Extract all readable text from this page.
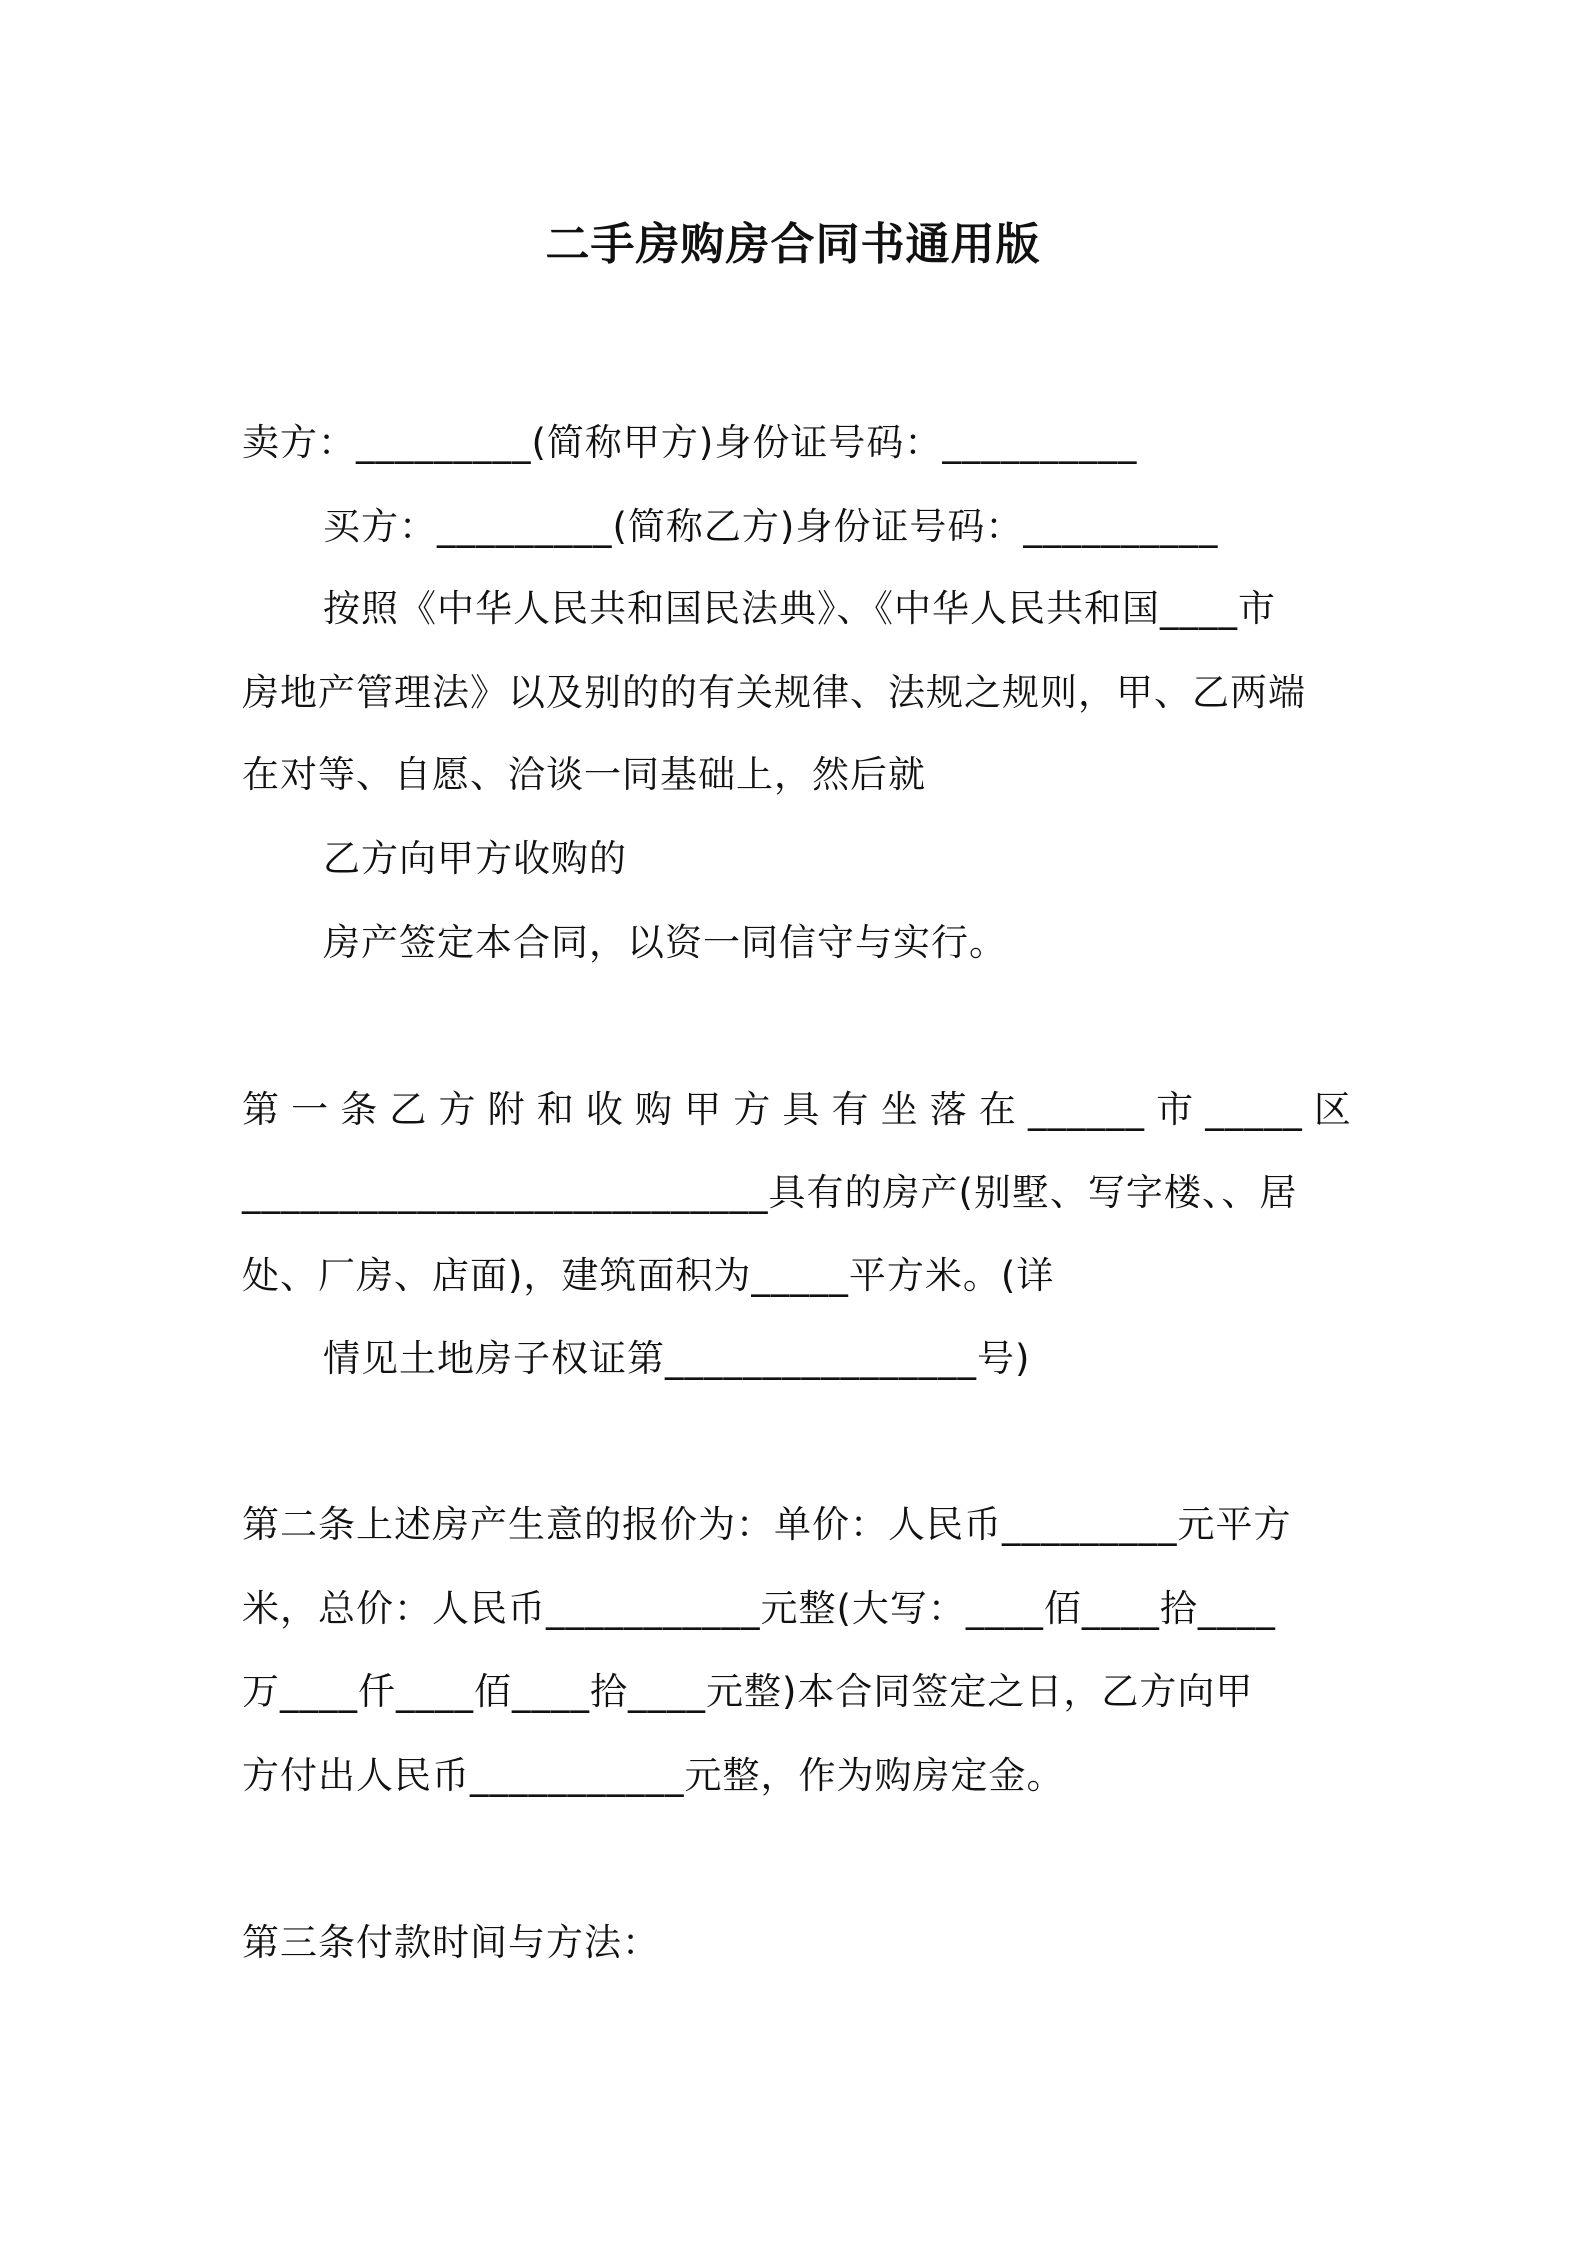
二手房购房合同书通用版
卖方：_________(简称甲方)身份证号码：__________
买方：_________(简称乙方)身份证号码：__________
按照《中华人民共和国民法典》、《中华人民共和国____市
房地产管理法》以及别的的有关规律、法规之规则，甲、乙两端
在对等、自愿、洽谈一同基础上，然后就
乙方向甲方收购的
房产签定本合同，以资一同信守与实行。
第 一 条 乙 方 附 和 收 购 甲 方 具 有 坐 落 在 ______ 市 _____ 区
___________________________具有的房产(别墅、写字楼、、居
处、厂房、店面)，建筑面积为_____平方米。(详
情见土地房子权证第________________号)
第二条上述房产生意的报价为：单价：人民币_________元平方
米，总价：人民币___________元整(大写：____佰____拾____
万____仟____佰____拾____元整)本合同签定之日，乙方向甲
方付出人民币___________元整，作为购房定金。
第三条付款时间与方法：
